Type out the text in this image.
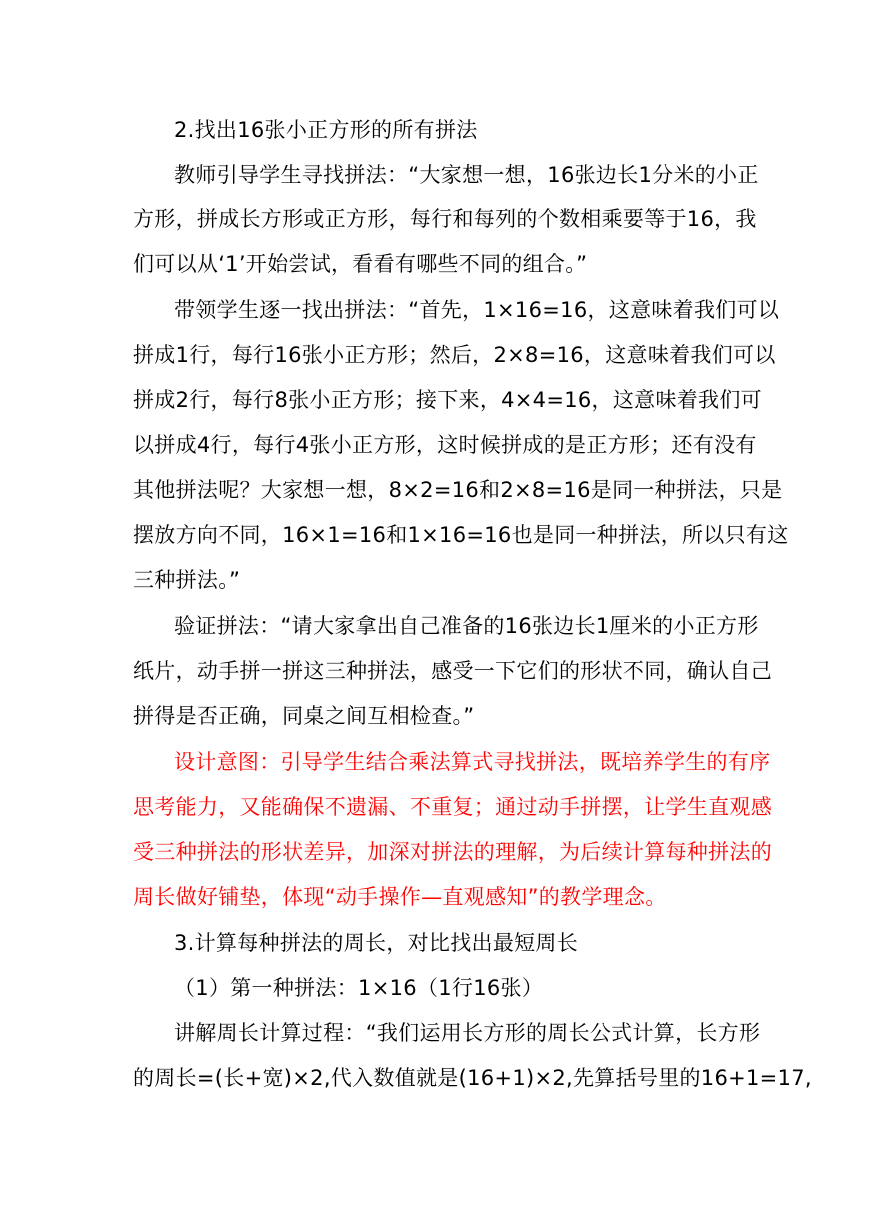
2.找出16张小正方形的所有拼法
教师引导学生寻找拼法：“大家想一想，16张边长1分米的小正
方形，拼成长方形或正方形，每行和每列的个数相乘要等于16，我
们可以从‘1’开始尝试，看看有哪些不同的组合。”
带领学生逐一找出拼法：“首先，1×16=16，这意味着我们可以
拼成1行，每行16张小正方形；然后，2×8=16，这意味着我们可以
拼成2行，每行8张小正方形；接下来，4×4=16，这意味着我们可
以拼成4行，每行4张小正方形，这时候拼成的是正方形；还有没有
其他拼法呢？大家想一想，8×2=16和2×8=16是同一种拼法，只是
摆放方向不同，16×1=16和1×16=16也是同一种拼法，所以只有这
三种拼法。”
验证拼法：“请大家拿出自己准备的16张边长1厘米的小正方形
纸片，动手拼一拼这三种拼法，感受一下它们的形状不同，确认自己
拼得是否正确，同桌之间互相检查。”
设计意图：引导学生结合乘法算式寻找拼法，既培养学生的有序
思考能力，又能确保不遗漏、不重复；通过动手拼摆，让学生直观感
受三种拼法的形状差异，加深对拼法的理解，为后续计算每种拼法的
周长做好铺垫，体现“动手操作—直观感知”的教学理念。
3.计算每种拼法的周长，对比找出最短周长
（1）第一种拼法：1×16（1行16张）
讲解周长计算过程：“我们运用长方形的周长公式计算，长方形
的周长=(长+宽)×2,代入数值就是(16+1)×2,先算括号里的16+1=17,
